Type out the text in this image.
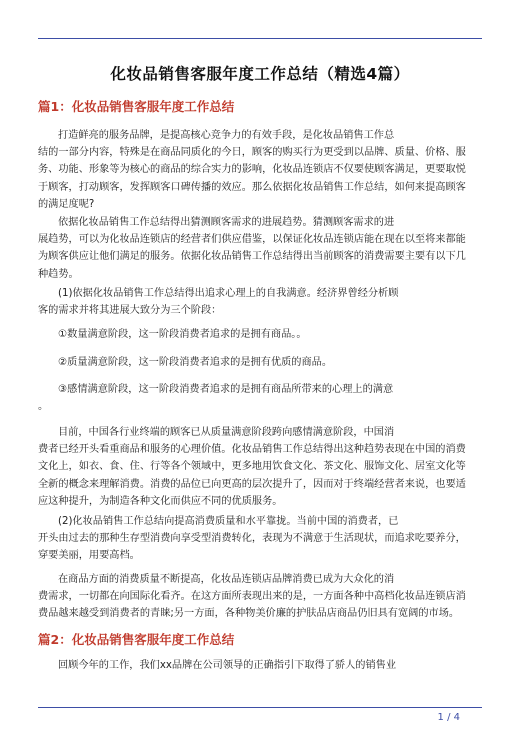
化妆品销售客服年度工作总结（精选4篇）
篇1：化妆品销售客服年度工作总结

打造鲜亮的服务品牌，是提高核心竞争力的有效手段，是化妆品销售工作总
结的一部分内容，特殊是在商品同质化的今日，顾客的购买行为更受到以品牌、质量、价格、服
务、功能、形象等为核心的商品的综合实力的影响，化妆品连锁店不仅要使顾客满足，更要取悦
于顾客，打动顾客，发挥顾客口碑传播的效应。那么依据化妆品销售工作总结，如何来提高顾客
的满足度呢?

依据化妆品销售工作总结得出猜测顾客需求的进展趋势。猜测顾客需求的进
展趋势，可以为化妆品连锁店的经营者们供应借鉴，以保证化妆品连锁店能在现在以至将来都能
为顾客供应让他们满足的服务。依据化妆品销售工作总结得出当前顾客的消费需要主要有以下几
种趋势。

(1)依据化妆品销售工作总结得出追求心理上的自我满意。经济界曾经分析顾
客的需求并将其进展大致分为三个阶段：

①数量满意阶段，这一阶段消费者追求的是拥有商品。。

②质量满意阶段，这一阶段消费者追求的是拥有优质的商品。

③感情满意阶段，这一阶段消费者追求的是拥有商品所带来的心理上的满意
。

目前，中国各行业终端的顾客已从质量满意阶段跨向感情满意阶段，中国消
费者已经开头看重商品和服务的心理价值。化妆品销售工作总结得出这种趋势表现在中国的消费
文化上，如衣、食、住、行等各个领域中，更多地用饮食文化、茶文化、服饰文化、居室文化等
全新的概念来理解消费。消费的品位已向更高的层次提升了，因而对于终端经营者来说，也要适
应这种提升，为制造各种文化而供应不同的优质服务。

(2)化妆品销售工作总结向提高消费质量和水平靠拢。当前中国的消费者，已
开头由过去的那种生存型消费向享受型消费转化，表现为不满意于生活现状，而追求吃要养分，
穿要美丽，用要高档。

在商品方面的消费质量不断提高，化妆品连锁店品牌消费已成为大众化的消
费需求，一切都在向国际化看齐。在这方面所表现出来的是，一方面各种中高档化妆品连锁店消
费品越来越受到消费者的青睐;另一方面，各种物美价廉的护肤品店商品仍旧具有宽阔的市场。

篇2：化妆品销售客服年度工作总结

回顾今年的工作，我们xx品牌在公司领导的正确指引下取得了骄人的销售业

1 / 4
